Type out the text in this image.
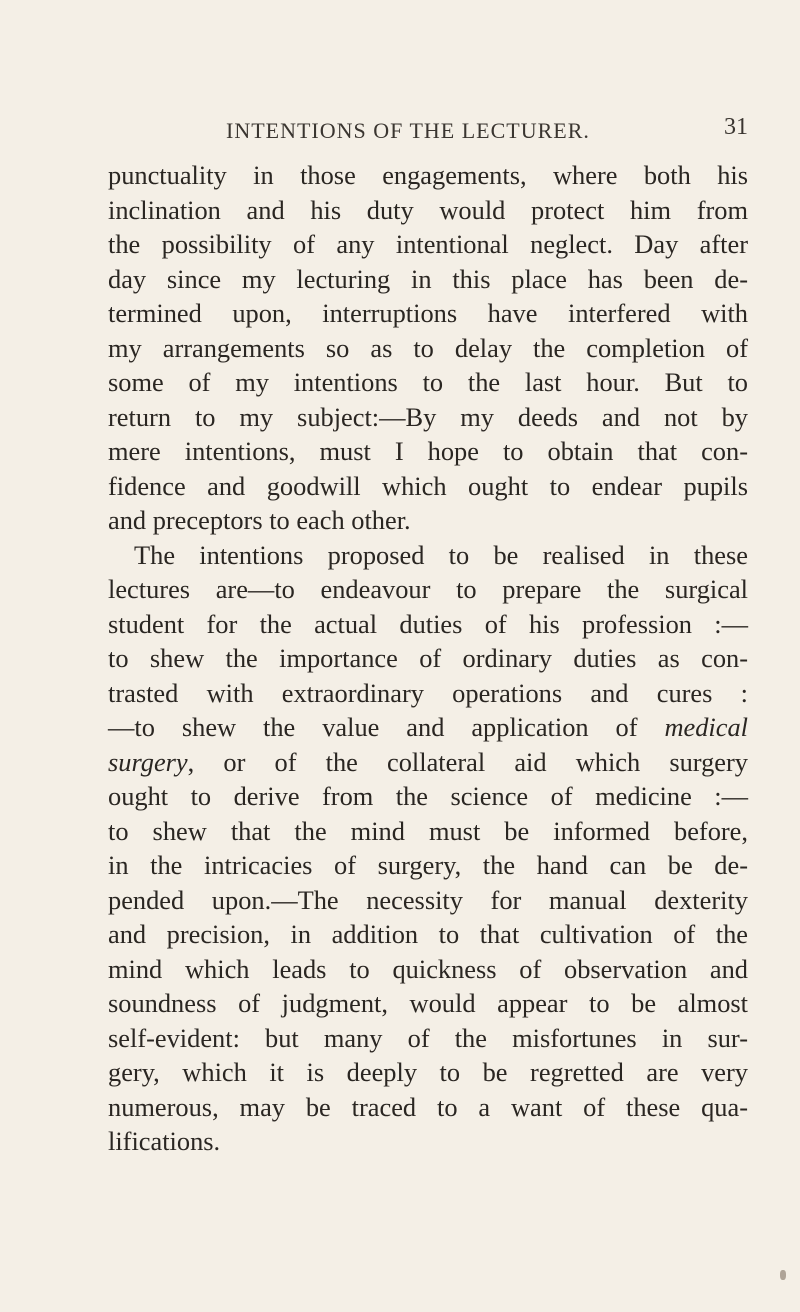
INTENTIONS OF THE LECTURER.	31
punctuality in those engagements, where both his
inclination and his duty would protect him from
the possibility of any intentional neglect. Day after
day since my lecturing in this place has been de-
termined upon, interruptions have interfered with
my arrangements so as to delay the completion of
some of my intentions to the last hour. But to
return to my subject:—By my deeds and not by
mere intentions, must I hope to obtain that con-
fidence and goodwill which ought to endear pupils
and preceptors to each other.
The intentions proposed to be realised in these
lectures are—to endeavour to prepare the surgical
student for the actual duties of his profession :—
to shew the importance of ordinary duties as con-
trasted with extraordinary operations and cures :
—to shew the value and application of medical
surgery, or of the collateral aid which surgery
ought to derive from the science of medicine :—
to shew that the mind must be informed before,
in the intricacies of surgery, the hand can be de-
pended upon.—The necessity for manual dexterity
and precision, in addition to that cultivation of the
mind which leads to quickness of observation and
soundness of judgment, would appear to be almost
self-evident: but many of the misfortunes in sur-
gery, which it is deeply to be regretted are very
numerous, may be traced to a want of these qua-
lifications.
